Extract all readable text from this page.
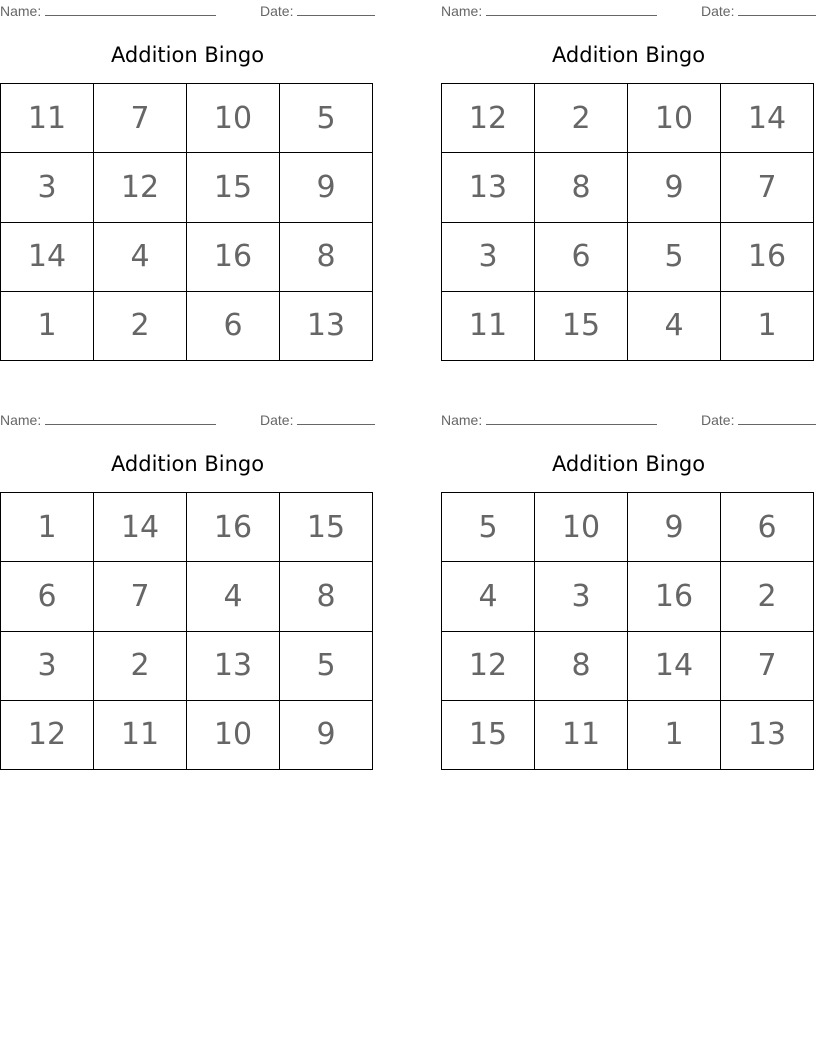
Name:	Date:
Addition Bingo
11	7	10	5
3	12	15	9
14	4	16	8
1	2	6	13
Name:	Date:
Addition Bingo
12	2	10	14
13	8	9	7
3	6	5	16
11	15	4	1
Name:	Date:
Addition Bingo
1	14	16	15
6	7	4	8
3	2	13	5
12	11	10	9
Name:	Date:
Addition Bingo
5	10	9	6
4	3	16	2
12	8	14	7
15	11	1	13
